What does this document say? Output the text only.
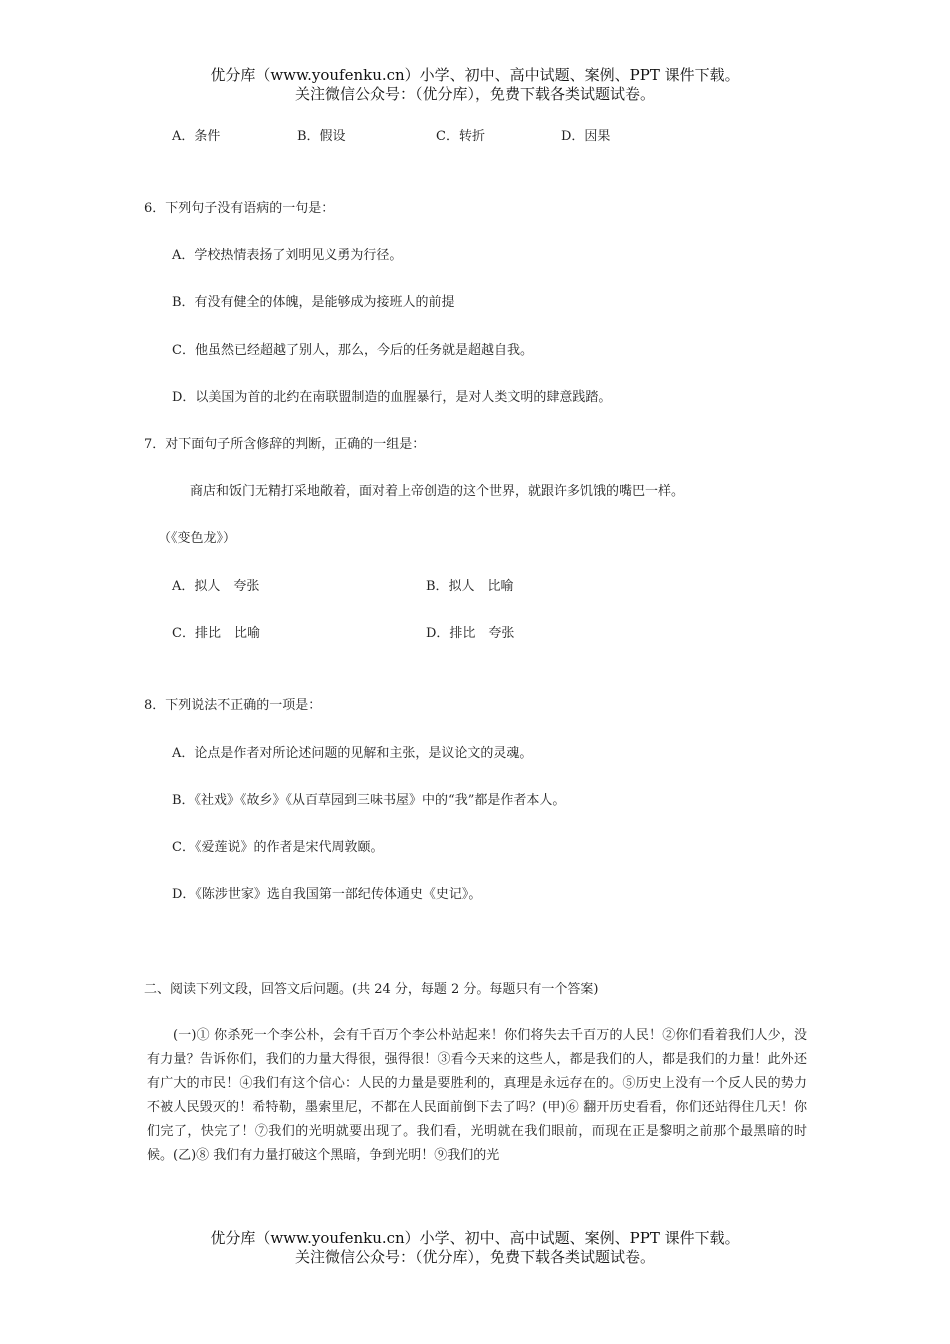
优分库（www.youfenku.cn）小学、初中、高中试题、案例、PPT 课件下载。
关注微信公众号：（优分库），免费下载各类试题试卷。
A．条件	B．假设	C．转折	D．因果
6．下列句子没有语病的一句是：
A．学校热情表扬了刘明见义勇为行径。
B．有没有健全的体魄，是能够成为接班人的前提
C．他虽然已经超越了别人，那么，今后的任务就是超越自我。
D．以美国为首的北约在南联盟制造的血腥暴行，是对人类文明的肆意践踏。
7．对下面句子所含修辞的判断，正确的一组是：
商店和饭门无精打采地敞着，面对着上帝创造的这个世界，就跟许多饥饿的嘴巴一样。
（《变色龙》）
A．拟人　夸张	B．拟人　比喻
C．排比　比喻	D．排比　夸张
8．下列说法不正确的一项是：
A．论点是作者对所论述问题的见解和主张，是议论文的灵魂。
B．《社戏》《故乡》《从百草园到三味书屋》中的“我”都是作者本人。
C．《爱莲说》的作者是宋代周敦颐。
D．《陈涉世家》选自我国第一部纪传体通史《史记》。
二、阅读下列文段，回答文后问题。(共 24 分，每题 2 分。每题只有一个答案)
(一)① 你杀死一个李公朴，会有千百万个李公朴站起来！你们将失去千百万的人民！②你们看着我们人少，没有力量？告诉你们，我们的力量大得很，强得很！③看今天来的这些人，都是我们的人，都是我们的力量！此外还有广大的市民！④我们有这个信心：人民的力量是要胜利的，真理是永远存在的。⑤历史上没有一个反人民的势力不被人民毁灭的！希特勒，墨索里尼，不都在人民面前倒下去了吗？(甲)⑥ 翻开历史看看，你们还站得住几天！你们完了，快完了！⑦我们的光明就要出现了。我们看，光明就在我们眼前，而现在正是黎明之前那个最黑暗的时候。(乙)⑧ 我们有力量打破这个黑暗，争到光明！⑨我们的光
优分库（www.youfenku.cn）小学、初中、高中试题、案例、PPT 课件下载。
关注微信公众号：（优分库），免费下载各类试题试卷。
